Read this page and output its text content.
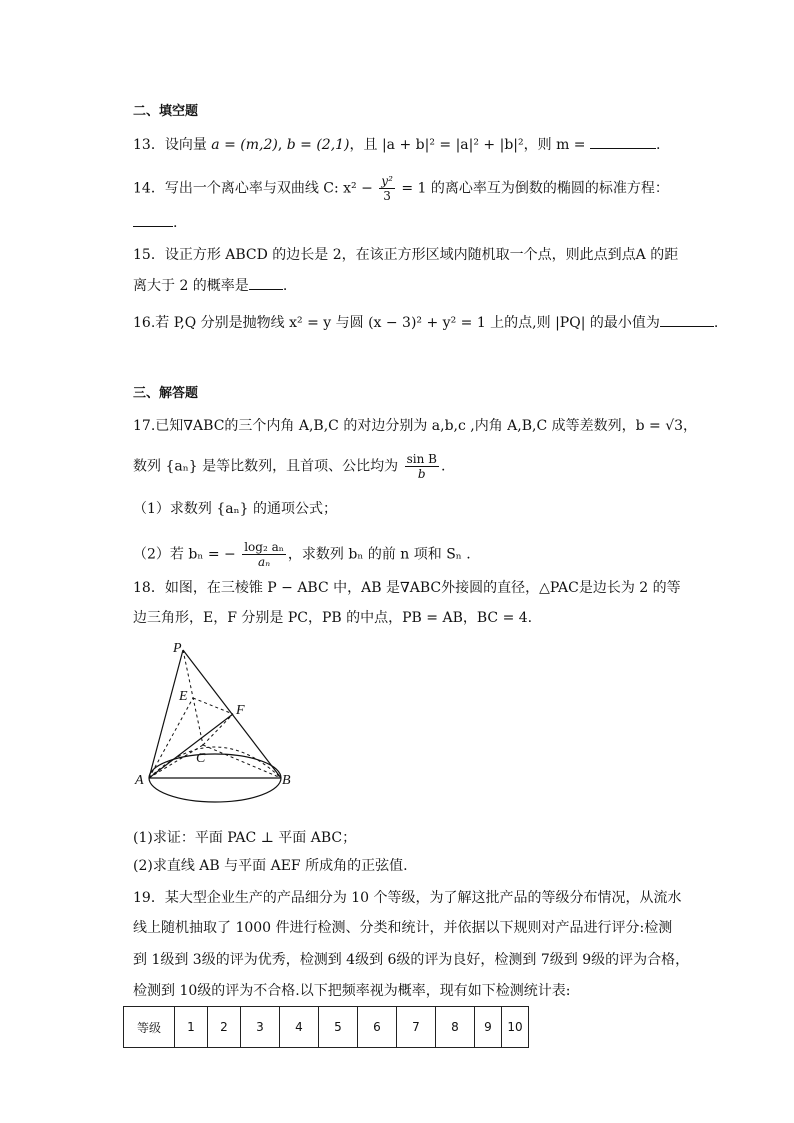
二、填空题
13．设向量 a = (m,2), b = (2,1)，且 |a + b|² = |a|² + |b|²，则 m =	.
14．写出一个离心率与双曲线 C: $x^2 - \frac{\text{y²}}{3} = 1$ 的离心率互为倒数的椭圆的标准方程：
.
15．设正方形 ABCD 的边长是 2，在该正方形区域内随机取一个点，则此点到点A 的距
离大于 2 的概率是 .
16.若 P,Q 分别是抛物线 x² = y 与圆 (x − 3)² + y² = 1 上的点,则 |PQ| 的最小值为	.
三、解答题
17.已知∇ABC的三个内角 A,B,C 的对边分别为 a,b,c ,内角 A,B,C 成等差数列，b = √3，
数列 {aₙ} 是等比数列，且首项、公比均为 $\frac{\text{sin B}}{b}$ .
（1）求数列 {aₙ} 的通项公式；
（2）若 bₙ = − $\frac{\text{log₂ aₙ}}{\text{aₙ}}$ ，求数列 bₙ 的前 n 项和 Sₙ .
18．如图，在三棱锥 P − ABC 中，AB 是∇ABC外接圆的直径，△PAC是边长为 2 的等
边三角形，E，F 分别是 PC，PB 的中点，PB = AB，BC = 4.
P
E
F
C
A	B
(1)求证：平面 PAC ⊥ 平面 ABC；
(2)求直线 AB 与平面 AEF 所成角的正弦值.
19．某大型企业生产的产品细分为 10 个等级，为了解这批产品的等级分布情况，从流水
线上随机抽取了 1000 件进行检测、分类和统计，并依据以下规则对产品进行评分:检测
到 1级到 3级的评为优秀，检测到 4级到 6级的评为良好，检测到 7级到 9级的评为合格，
检测到 10级的评为不合格.以下把频率视为概率，现有如下检测统计表:
等级	1	2	3	4	5	6	7	8	9	10
